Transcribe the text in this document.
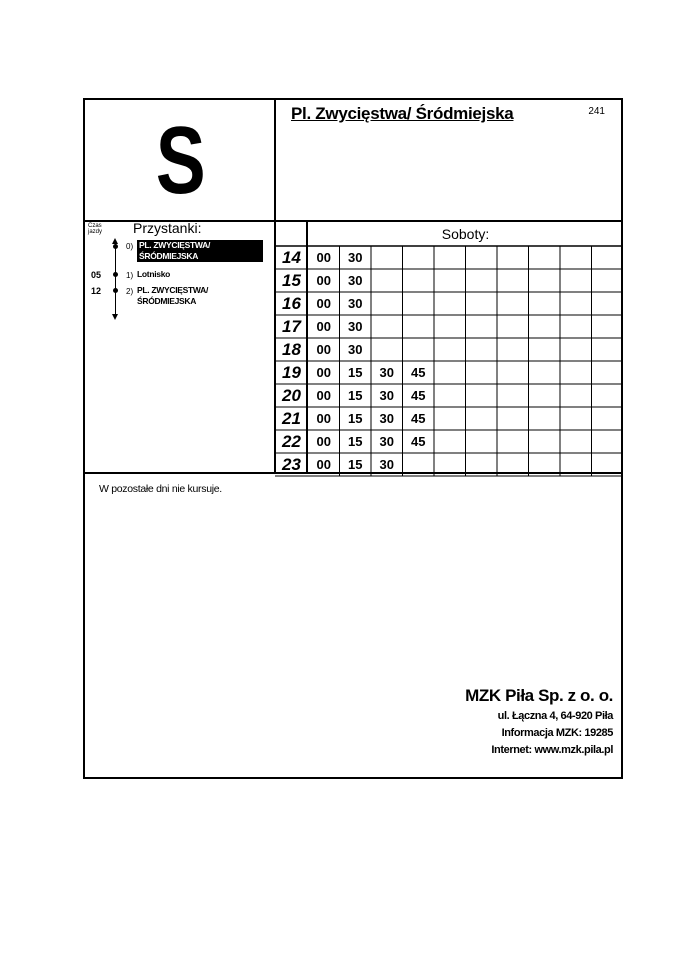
S	Pl. Zwycięstwa/ Śródmiejska	241
Czas jazdy	Przystanki:
0) PL. ZWYCIĘSTWA/
ŚRÓDMIEJSKA
05	1) Lotnisko
12	2) PL. ZWYCIĘSTWA/
ŚRÓDMIEJSKA
Soboty:
14	00	30
15	00	30
16	00	30
17	00	30
18	00	30
19	00	15	30	45
20	00	15	30	45
21	00	15	30	45
22	00	15	30	45
23	00	15	30
W pozostałe dni nie kursuje.
MZK Piła Sp. z o. o.
ul. Łączna 4, 64-920 Piła
Informacja MZK: 19285
Internet: www.mzk.pila.pl
